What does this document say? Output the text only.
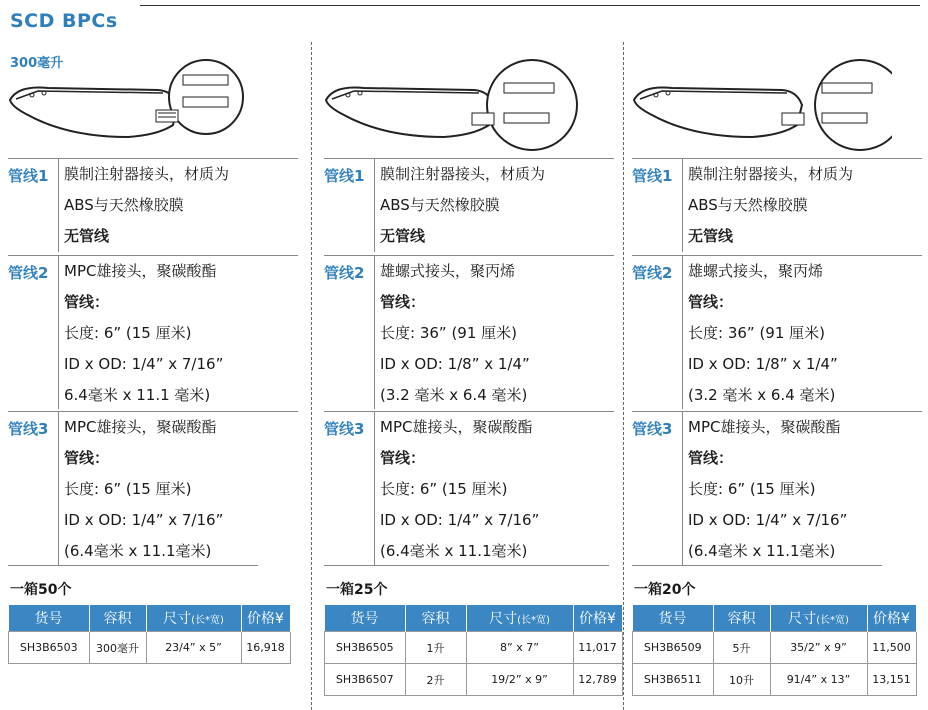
SCD BPCs
300毫升
管线1	膜制注射器接头，材质为
ABS与天然橡胶膜
无管线
管线2	MPC雄接头，聚碳酸酯
管线：
长度: 6” (15 厘米)
ID x OD: 1/4” x 7/16”
6.4毫米 x 11.1 毫米)
管线3	MPC雄接头，聚碳酸酯
管线：
长度: 6” (15 厘米)
ID x OD: 1/4” x 7/16”
(6.4毫米 x 11.1毫米)
一箱50个
货号	容积	尺寸(长*宽)	价格¥
SH3B6503	300毫升	23/4” x 5”	16,918
管线1	膜制注射器接头，材质为
ABS与天然橡胶膜
无管线
管线2	雄螺式接头，聚丙烯
管线：
长度: 36” (91 厘米)
ID x OD: 1/8” x 1/4”
(3.2 毫米 x 6.4 毫米)
管线3	MPC雄接头，聚碳酸酯
管线：
长度: 6” (15 厘米)
ID x OD: 1/4” x 7/16”
(6.4毫米 x 11.1毫米)
一箱25个
货号	容积	尺寸(长*宽)	价格¥
SH3B6505	1升	8” x 7”	11,017
SH3B6507	2升	19/2” x 9”	12,789
管线1	膜制注射器接头，材质为
ABS与天然橡胶膜
无管线
管线2	雄螺式接头，聚丙烯
管线：
长度: 36” (91 厘米)
ID x OD: 1/8” x 1/4”
(3.2 毫米 x 6.4 毫米)
管线3	MPC雄接头，聚碳酸酯
管线：
长度: 6” (15 厘米)
ID x OD: 1/4” x 7/16”
(6.4毫米 x 11.1毫米)
一箱20个
货号	容积	尺寸(长*宽)	价格¥
SH3B6509	5升	35/2” x 9”	11,500
SH3B6511	10升	91/4” x 13”	13,151
